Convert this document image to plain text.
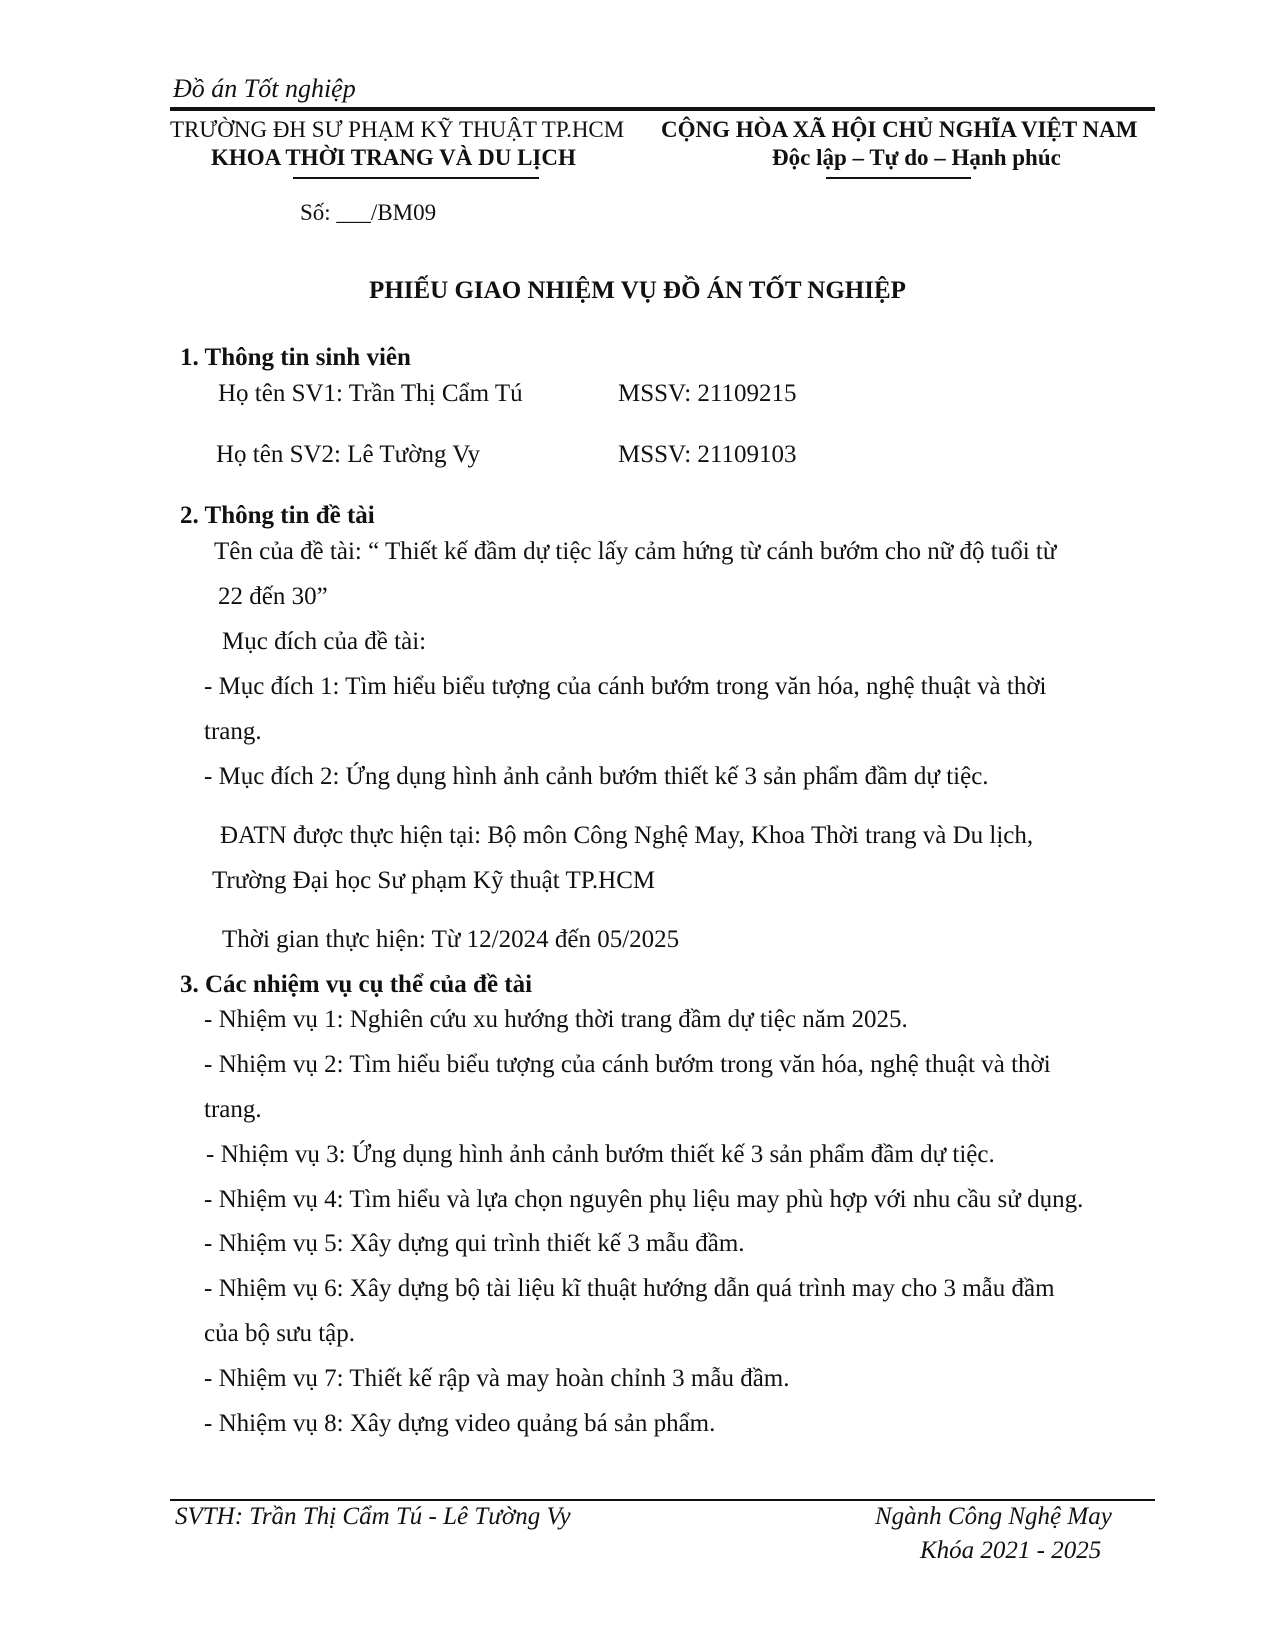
Đồ án Tốt nghiệp
TRƯỜNG ĐH SƯ PHẠM KỸ THUẬT TP.HCM
KHOA THỜI TRANG VÀ DU LỊCH
CỘNG HÒA XÃ HỘI CHỦ NGHĨA VIỆT NAM
Độc lập – Tự do – Hạnh phúc
Số: ___/BM09
PHIẾU GIAO NHIỆM VỤ ĐỒ ÁN TỐT NGHIỆP
1. Thông tin sinh viên
Họ tên SV1: Trần Thị Cẩm Tú	MSSV: 21109215
Họ tên SV2: Lê Tường Vy	MSSV: 21109103
2. Thông tin đề tài
Tên của đề tài: “ Thiết kế đầm dự tiệc lấy cảm hứng từ cánh bướm cho nữ độ tuổi từ
22 đến 30”
Mục đích của đề tài:
- Mục đích 1: Tìm hiểu biểu tượng của cánh bướm trong văn hóa, nghệ thuật và thời
trang.
- Mục đích 2: Ứng dụng hình ảnh cảnh bướm thiết kế 3 sản phẩm đầm dự tiệc.
ĐATN được thực hiện tại: Bộ môn Công Nghệ May, Khoa Thời trang và Du lịch,
Trường Đại học Sư phạm Kỹ thuật TP.HCM
Thời gian thực hiện: Từ 12/2024 đến 05/2025
3. Các nhiệm vụ cụ thể của đề tài
- Nhiệm vụ 1: Nghiên cứu xu hướng thời trang đầm dự tiệc năm 2025.
- Nhiệm vụ 2: Tìm hiểu biểu tượng của cánh bướm trong văn hóa, nghệ thuật và thời
trang.
- Nhiệm vụ 3: Ứng dụng hình ảnh cảnh bướm thiết kế 3 sản phẩm đầm dự tiệc.
- Nhiệm vụ 4: Tìm hiểu và lựa chọn nguyên phụ liệu may phù hợp với nhu cầu sử dụng.
- Nhiệm vụ 5: Xây dựng qui trình thiết kế 3 mẫu đầm.
- Nhiệm vụ 6: Xây dựng bộ tài liệu kĩ thuật hướng dẫn quá trình may cho 3 mẫu đầm
của bộ sưu tập.
- Nhiệm vụ 7: Thiết kế rập và may hoàn chỉnh 3 mẫu đầm.
- Nhiệm vụ 8: Xây dựng video quảng bá sản phẩm.
SVTH: Trần Thị Cẩm Tú - Lê Tường Vy	Ngành Công Nghệ May
Khóa 2021 - 2025
